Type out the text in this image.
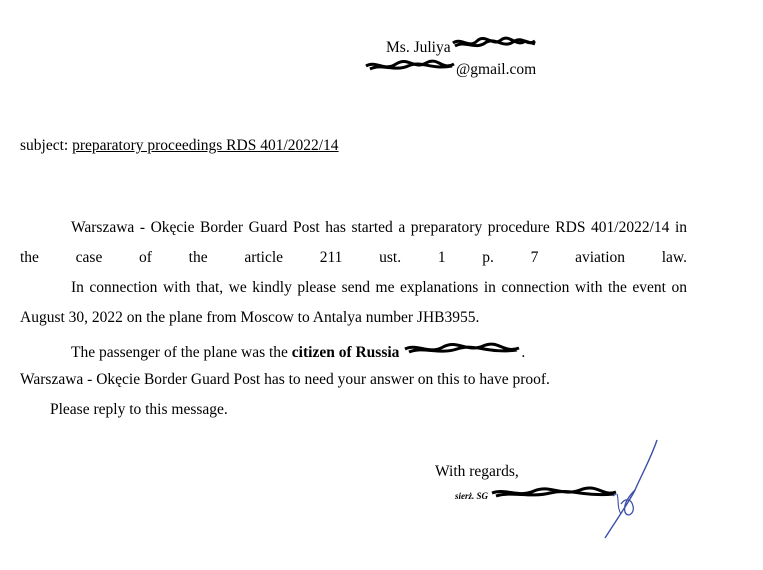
Ms. Juliya
@gmail.com
subject: preparatory proceedings RDS 401/2022/14
Warszawa - Okęcie Border Guard Post has started a preparatory procedure RDS 401/2022/14 in the case of the article 211 ust. 1 p. 7 aviation law.
In connection with that, we kindly please send me explanations in connection with the event on August 30, 2022 on the plane from Moscow to Antalya number JHB3955.
The passenger of the plane was the citizen of Russia	.
Warszawa - Okęcie Border Guard Post has to need your answer on this to have proof.
Please reply to this message.
With regards,
sierż. SG
